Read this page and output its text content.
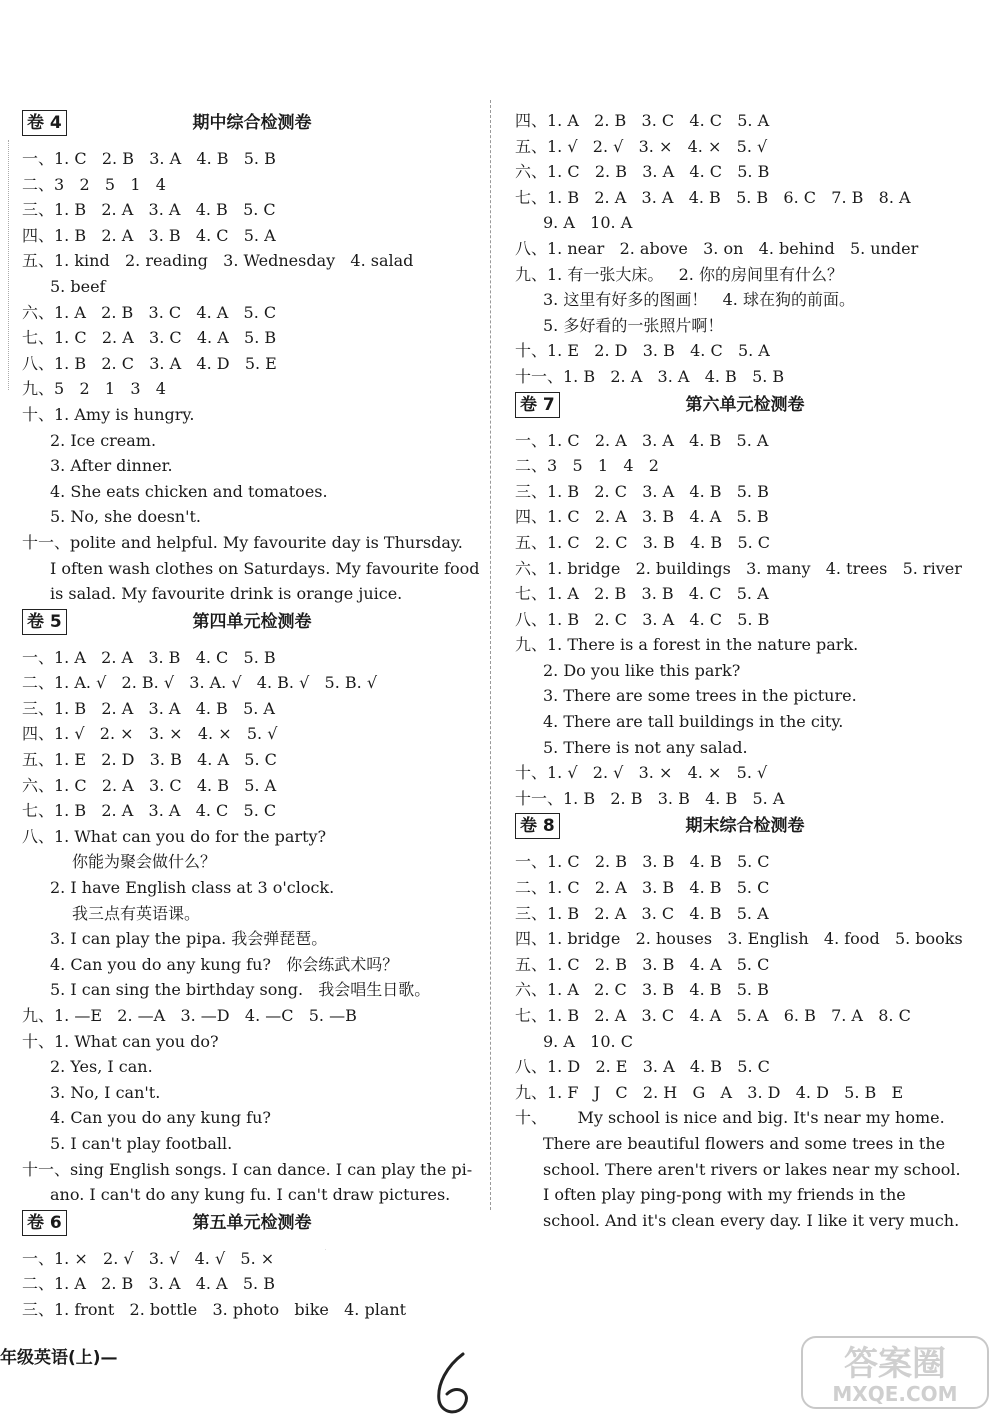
期中综合检测卷
卷 4
一、1. C   2. B   3. A   4. B   5. B
二、3   2   5   1   4
三、1. B   2. A   3. A   4. B   5. C
四、1. B   2. A   3. B   4. C   5. A
五、1. kind   2. reading   3. Wednesday   4. salad
5. beef
六、1. A   2. B   3. C   4. A   5. C
七、1. C   2. A   3. C   4. A   5. B
八、1. B   2. C   3. A   4. D   5. E
九、5   2   1   3   4
十、1. Amy is hungry.
2. Ice cream.
3. After dinner.
4. She eats chicken and tomatoes.
5. No, she doesn't.
十一、polite and helpful. My favourite day is Thursday.
I often wash clothes on Saturdays. My favourite food
is salad. My favourite drink is orange juice.
第四单元检测卷
卷 5
一、1. A   2. A   3. B   4. C   5. B
二、1. A. √   2. B. √   3. A. √   4. B. √   5. B. √
三、1. B   2. A   3. A   4. B   5. A
四、1. √   2. ×   3. ×   4. ×   5. √
五、1. E   2. D   3. B   4. A   5. C
六、1. C   2. A   3. C   4. B   5. A
七、1. B   2. A   3. A   4. C   5. C
八、1. What can you do for the party?
你能为聚会做什么？
2. I have English class at 3 o'clock.
我三点有英语课。
3. I can play the pipa. 我会弹琵琶。
4. Can you do any kung fu?   你会练武术吗？
5. I can sing the birthday song.   我会唱生日歌。
九、1. —E   2. —A   3. —D   4. —C   5. —B
十、1. What can you do?
2. Yes, I can.
3. No, I can't.
4. Can you do any kung fu?
5. I can't play football.
十一、sing English songs. I can dance. I can play the pi-
ano. I can't do any kung fu. I can't draw pictures.
第五单元检测卷
卷 6
一、1. ×   2. √   3. √   4. √   5. ×
二、1. A   2. B   3. A   4. A   5. B
三、1. front   2. bottle   3. photo   bike   4. plant
四、1. A   2. B   3. C   4. C   5. A
五、1. √   2. √   3. ×   4. ×   5. √
六、1. C   2. B   3. A   4. C   5. B
七、1. B   2. A   3. A   4. B   5. B   6. C   7. B   8. A
9. A   10. A
八、1. near   2. above   3. on   4. behind   5. under
九、1. 有一张大床。   2. 你的房间里有什么？
3. 这里有好多的图画！   4. 球在狗的前面。
5. 多好看的一张照片啊！
十、1. E   2. D   3. B   4. C   5. A
十一、1. B   2. A   3. A   4. B   5. B
第六单元检测卷
卷 7
一、1. C   2. A   3. A   4. B   5. A
二、3   5   1   4   2
三、1. B   2. C   3. A   4. B   5. B
四、1. C   2. A   3. B   4. A   5. B
五、1. C   2. C   3. B   4. B   5. C
六、1. bridge   2. buildings   3. many   4. trees   5. river
七、1. A   2. B   3. B   4. C   5. A
八、1. B   2. C   3. A   4. C   5. B
九、1. There is a forest in the nature park.
2. Do you like this park?
3. There are some trees in the picture.
4. There are tall buildings in the city.
5. There is not any salad.
十、1. √   2. √   3. ×   4. ×   5. √
十一、1. B   2. B   3. B   4. B   5. A
期末综合检测卷
卷 8
一、1. C   2. B   3. B   4. B   5. C
二、1. C   2. A   3. B   4. B   5. C
三、1. B   2. A   3. C   4. B   5. A
四、1. bridge   2. houses   3. English   4. food   5. books
五、1. C   2. B   3. B   4. A   5. C
六、1. A   2. C   3. B   4. B   5. B
七、1. B   2. A   3. C   4. A   5. A   6. B   7. A   8. C
9. A   10. C
八、1. D   2. E   3. A   4. B   5. C
九、1. F   J   C   2. H   G   A   3. D   4. D   5. B   E
十、      My school is nice and big. It's near my home.
There are beautiful flowers and some trees in the
school. There aren't rivers or lakes near my school.
I often play ping-pong with my friends in the
school. And it's clean every day. I like it very much.
年级英语(上)—
6
答案圈
MXQE.COM
